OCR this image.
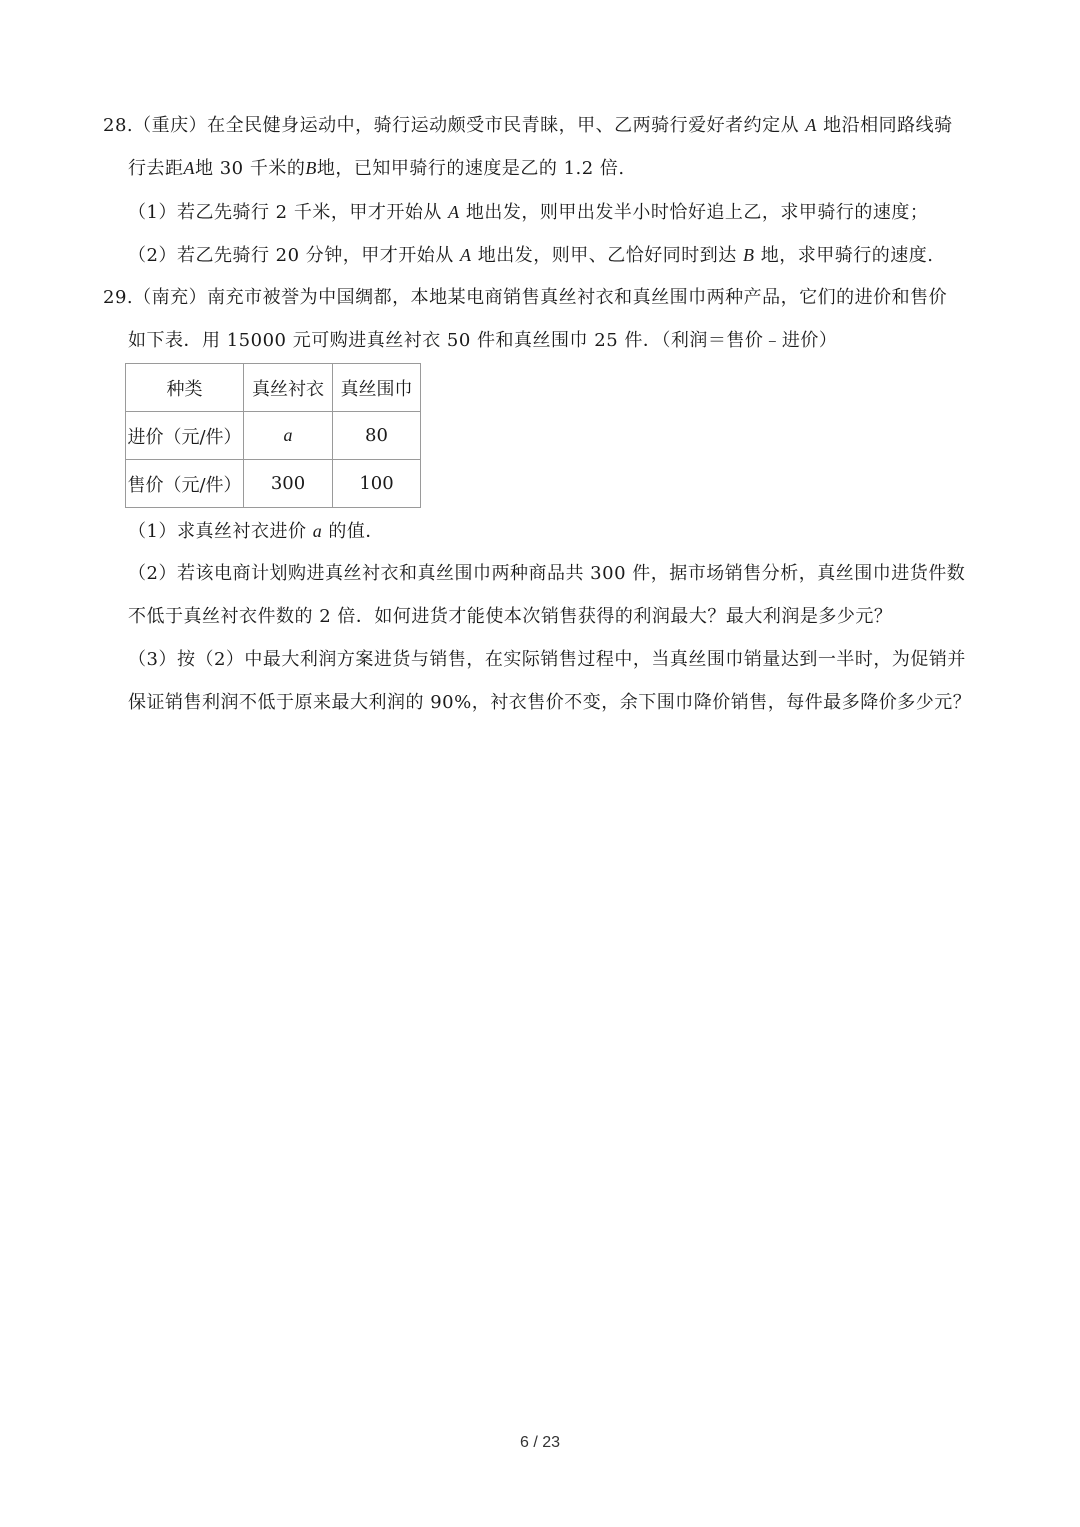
28.（重庆）在全民健身运动中，骑行运动颇受市民青睐，甲、乙两骑行爱好者约定从 A 地沿相同路线骑
行去距A地 30 千米的B地，已知甲骑行的速度是乙的 1.2 倍.
（1）若乙先骑行 2 千米，甲才开始从 A 地出发，则甲出发半小时恰好追上乙，求甲骑行的速度；
（2）若乙先骑行 20 分钟，甲才开始从 A 地出发，则甲、乙恰好同时到达 B 地，求甲骑行的速度.
29.（南充）南充市被誉为中国绸都，本地某电商销售真丝衬衣和真丝围巾两种产品，它们的进价和售价
如下表．用 15000 元可购进真丝衬衣 50 件和真丝围巾 25 件．（利润＝售价﹣进价）
种类	真丝衬衣	真丝围巾
进价（元/件）	a	80
售价（元/件）	300	100
（1）求真丝衬衣进价 a 的值．
（2）若该电商计划购进真丝衬衣和真丝围巾两种商品共 300 件，据市场销售分析，真丝围巾进货件数
不低于真丝衬衣件数的 2 倍．如何进货才能使本次销售获得的利润最大？最大利润是多少元？
（3）按（2）中最大利润方案进货与销售，在实际销售过程中，当真丝围巾销量达到一半时，为促销并
保证销售利润不低于原来最大利润的 90%，衬衣售价不变，余下围巾降价销售，每件最多降价多少元？
6 / 23
